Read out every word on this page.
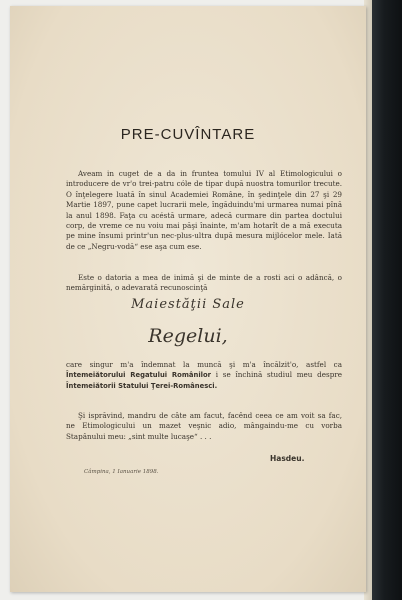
PRE-CUVÎNTARE
Aveam in cuget de a da in fruntea tomului IV al Etimologicului o introducere de vr'o trei-patru cóle de tipar după nuostra tomurilor trecute. O înţelegere luată în sinul Academiei Române, în şedinţele din 27 şi 29 Martie 1897, pune capet lucrarii mele, îngăduindu'mi urmarea numai pînă la anul 1898. Faţa cu acéstă urmare, adecă curmare din partea doctului corp, de vreme ce nu voiu mai păşi înainte, m'am hotarît de a mă executa pe mine însumi printr'un nec-plus-ultra după mesura mijlócelor mele. Iată de ce „Negru-vodă“ ese aşa cum ese.
Este o datoria a mea de inimă şi de minte de a rosti aci o adâncă, o nemărginită, o adevarată recunoscinţă
Maiestăţii Sale
Regelui,
care singur m'a îndemnat la muncă şi m'a încălzit'o, astfel ca Întemeiătorului Regatului Românilor i se închină studiul meu despre Întemeiătorii Statului Ţerei-Românesci.
Şi isprăvind, mandru de câte am facut, facênd ceea ce am voit sa fac, ne Etimologicului un mazet veşnic adio, mângaindu-me cu vorba Stapânului meu: „sint multe lucaşe“ . . .
Câmpina, 1 Ianuarie 1898.
Hasdeu.
